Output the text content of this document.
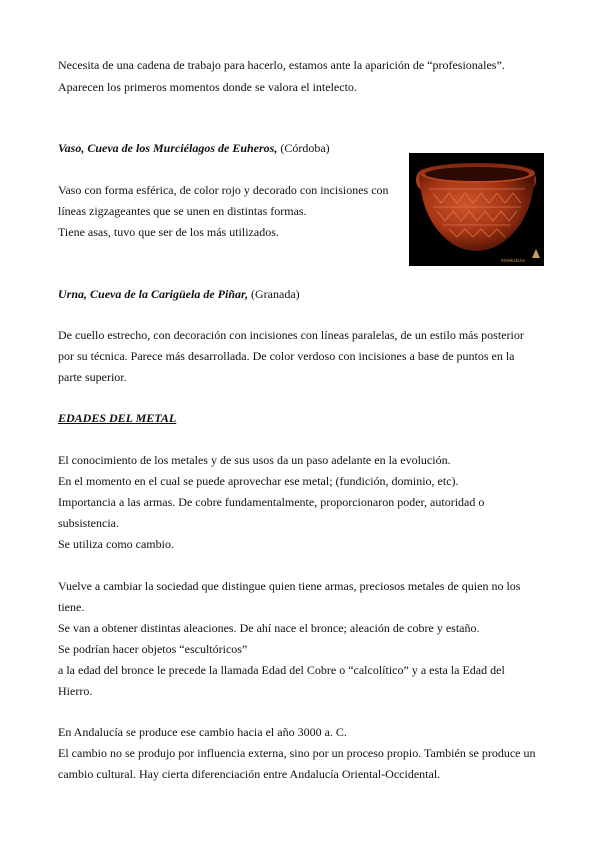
Necesita de una cadena de trabajo para hacerlo, estamos ante la aparición de “profesionales”.
Aparecen los primeros momentos donde se valora el intelecto.
Vaso, Cueva de los Murciélagos de Euheros, (Córdoba)
Vaso con forma esférica, de color rojo y decorado con incisiones con
líneas zigzageantes que se unen en distintas formas.
Tiene asas, tuvo que ser de los más utilizados.
ArteHistoria
Urna, Cueva de la Carigüela de Piñar, (Granada)
De cuello estrecho, con decoración con incisiones con líneas paralelas, de un estilo más posterior
por su técnica. Parece más desarrollada. De color verdoso con incisiones a base de puntos en la
parte superior.
EDADES DEL METAL
El conocimiento de los metales y de sus usos da un paso adelante en la evolución.
En el momento en el cual se puede aprovechar ese metal; (fundición, dominio, etc).
Importancia a las armas. De cobre fundamentalmente, proporcionaron poder, autoridad o
subsistencia.
Se utiliza como cambio.
Vuelve a cambiar la sociedad que distingue quien tiene armas, preciosos metales de quien no los
tiene.
Se van a obtener distintas aleaciones. De ahí nace el bronce; aleación de cobre y estaño.
Se podrían hacer objetos “escultóricos”
a la edad del bronce le precede la llamada Edad del Cobre o “calcolítico” y a esta la Edad del
Hierro.
En Andalucía se produce ese cambio hacia el año 3000 a. C.
El cambio no se produjo por influencia externa, sino por un proceso propio. También se produce un
cambio cultural. Hay cierta diferenciación entre Andalucía Oriental-Occidental.
